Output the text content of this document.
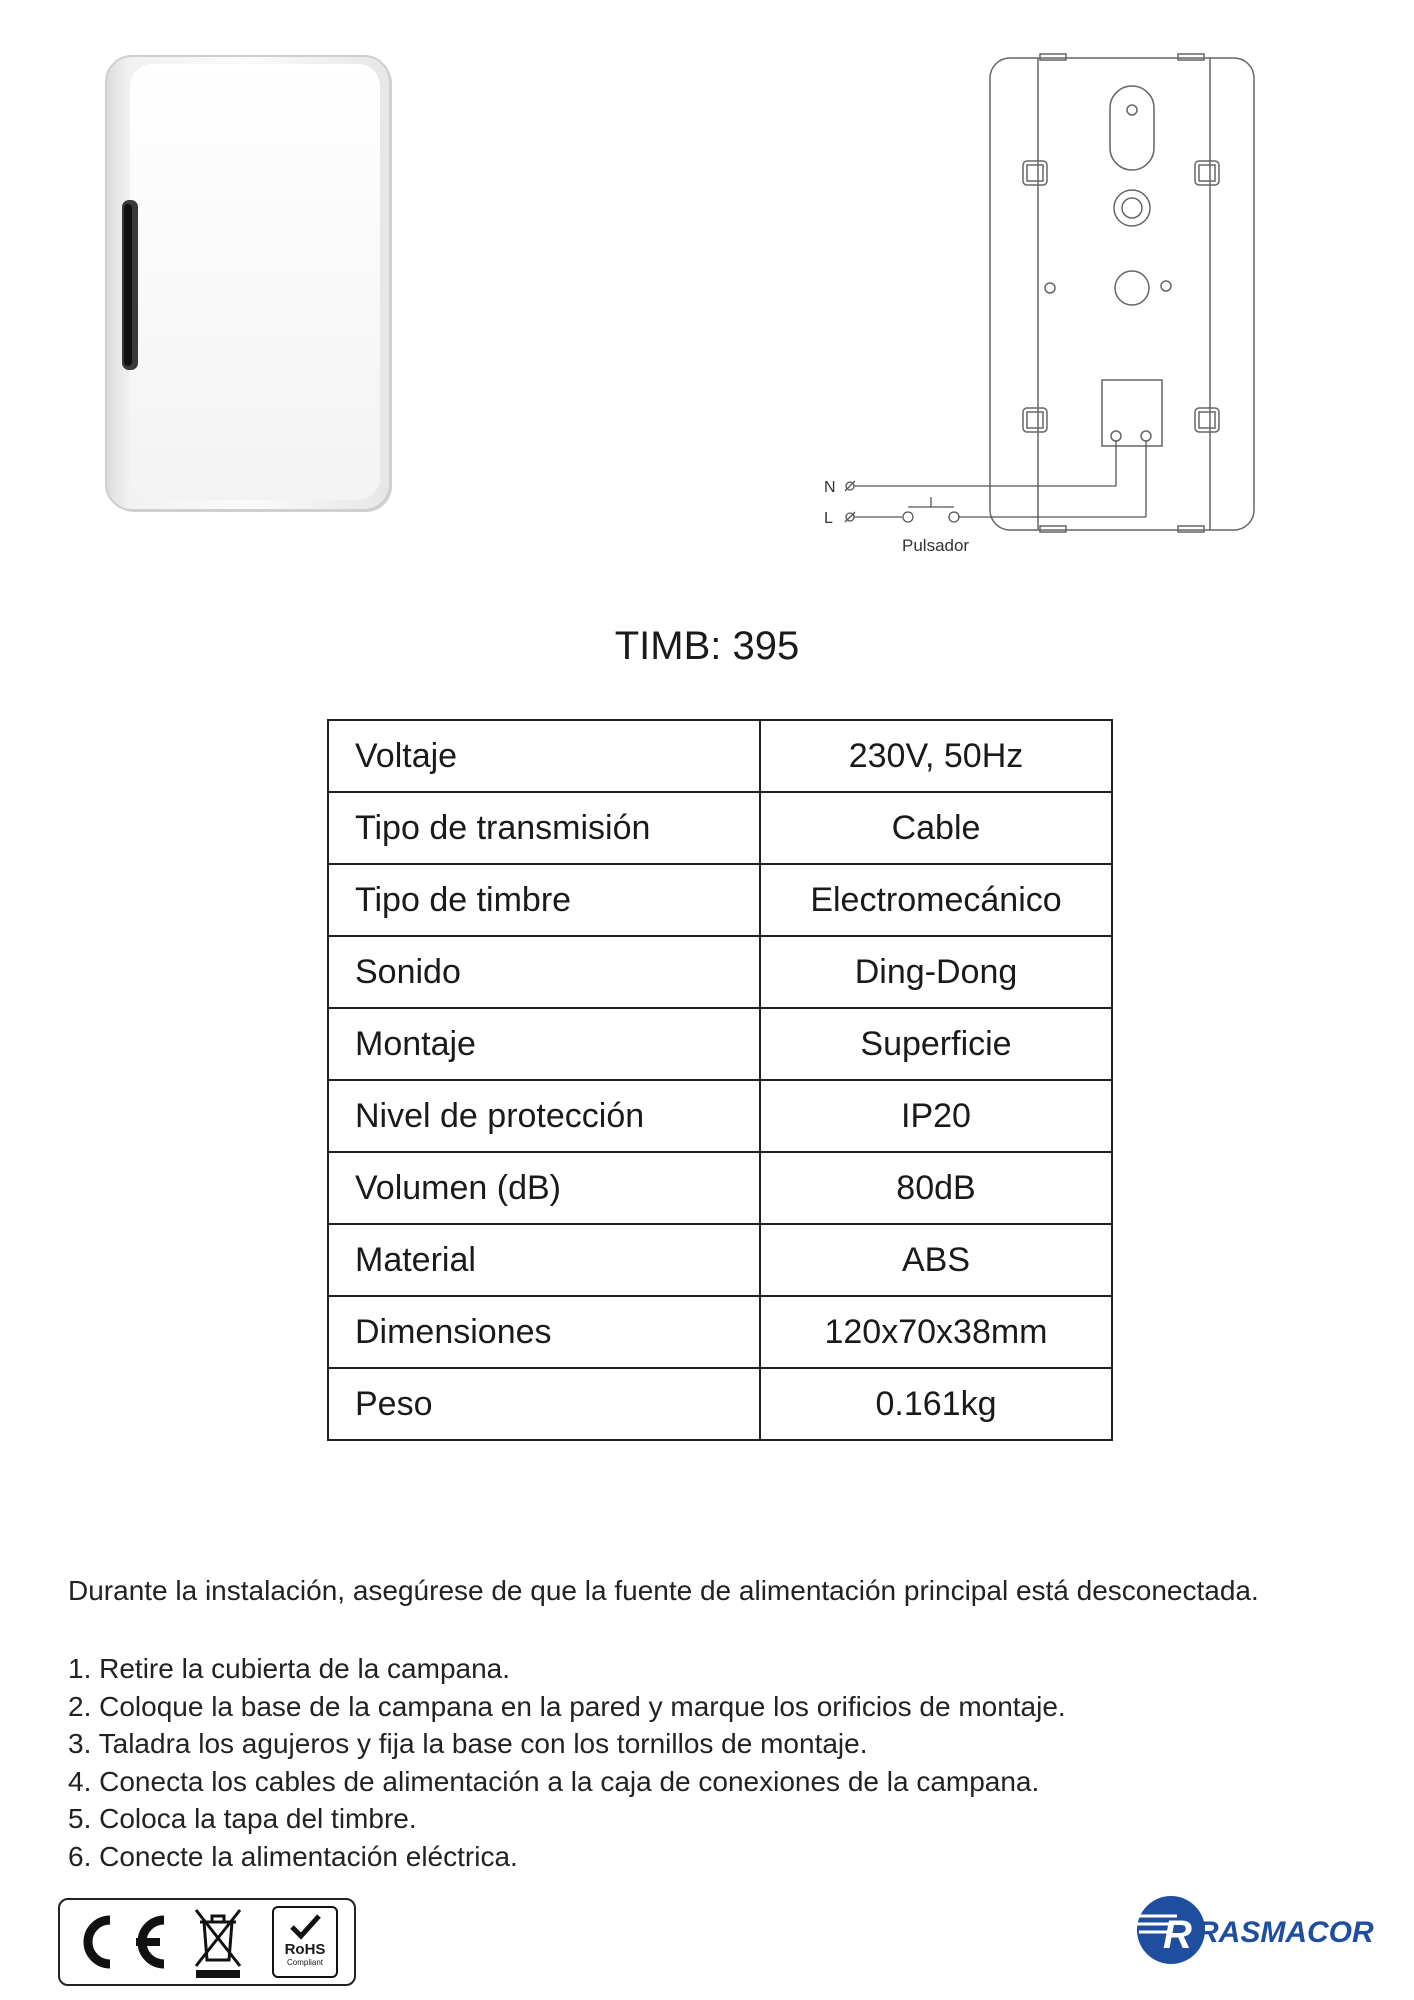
N
L
Pulsador
TIMB: 395
Voltaje	230V, 50Hz
Tipo de transmisión	Cable
Tipo de timbre	Electromecánico
Sonido	Ding-Dong
Montaje	Superficie
Nivel de protección	IP20
Volumen (dB)	80dB
Material	ABS
Dimensiones	120x70x38mm
Peso	0.161kg
Durante la instalación, asegúrese de que la fuente de alimentación principal está desconectada.
1. Retire la cubierta de la campana.
2. Coloque la base de la campana en la pared y marque los orificios de montaje.
3. Taladra los agujeros y fija la base con los tornillos de montaje.
4. Conecta los cables de alimentación a la caja de conexiones de la campana.
5. Coloca la tapa del timbre.
6. Conecte la alimentación eléctrica.
CE
RoHS
Compliant
R RASMACOR
